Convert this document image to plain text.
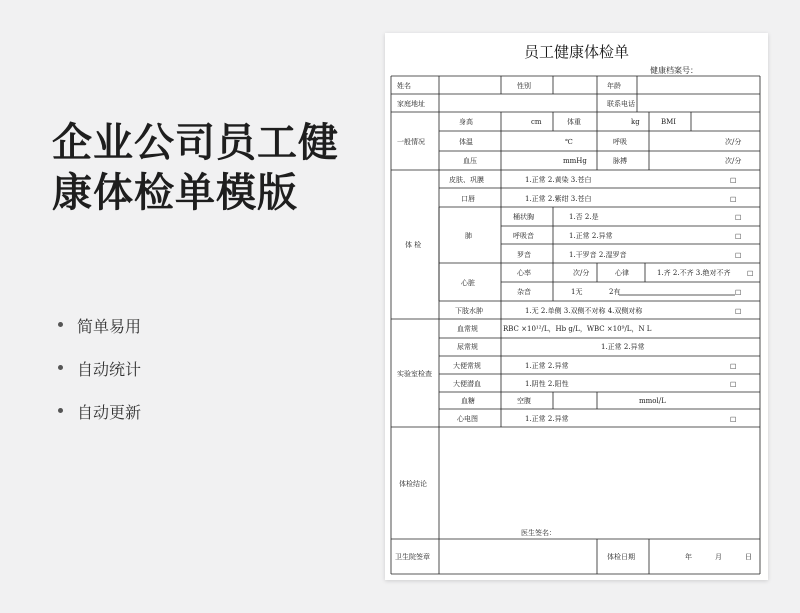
企业公司员工健
康体检单模版
简单易用
自动统计
自动更新
员工健康体检单
健康档案号：
姓名	性别	年龄
家庭地址	联系电话
一般情况
身高	cm	体重	kg	BMI
体温	℃	呼吸	次/分
血压	mmHg	脉搏	次/分
体 检
皮肤、巩膜	1.正常 2.黄染 3.苍白	☐
口唇	1.正常 2.紫绀 3.苍白	☐
肺
桶状胸	1.否 2.是	☐
呼吸音	1.正常 2.异常	☐
罗音	1.干罗音 2.湿罗音	☐
心脏
心率	次/分	心律	1.齐 2.不齐 3.绝对不齐 ☐
杂音	1无	2有	☐
下肢水肿	1.无 2.单侧 3.双侧不对称 4.双侧对称	☐
实验室检查
血常规	RBC ×10¹²/L，Hb g/L，WBC ×10⁹/L，N L
尿常规	1.正常 2.异常
大便常规	1.正常 2.异常	☐
大便潜血	1.阴性 2.阳性	☐
血糖	空腹	mmol/L
心电图	1.正常 2.异常	☐
体检结论
医生签名：
卫生院签章	体检日期	年	月	日
